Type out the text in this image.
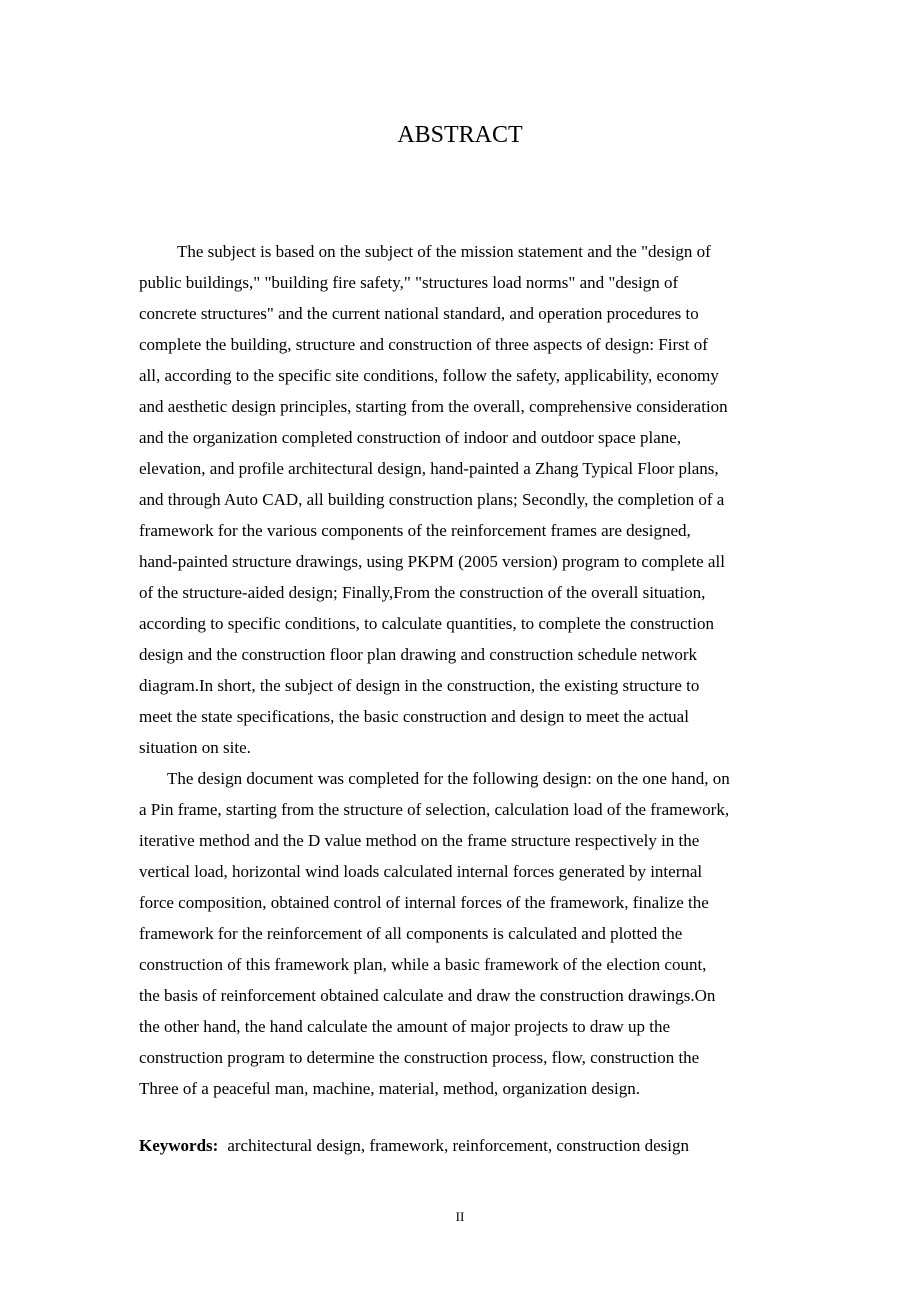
ABSTRACT
The subject is based on the subject of the mission statement and the "design of
public buildings," "building fire safety," "structures load norms" and "design of
concrete structures" and the current national standard, and operation procedures to
complete the building, structure and construction of three aspects of design: First of
all, according to the specific site conditions, follow the safety, applicability, economy
and aesthetic design principles, starting from the overall, comprehensive consideration
and the organization completed construction of indoor and outdoor space plane,
elevation, and profile architectural design, hand-painted a Zhang Typical Floor plans,
and through Auto CAD, all building construction plans; Secondly, the completion of a
framework for the various components of the reinforcement frames are designed,
hand-painted structure drawings, using PKPM (2005 version) program to complete all
of the structure-aided design; Finally,From the construction of the overall situation,
according to specific conditions, to calculate quantities, to complete the construction
design and the construction floor plan drawing and construction schedule network
diagram.In short, the subject of design in the construction, the existing structure to
meet the state specifications, the basic construction and design to meet the actual
situation on site.
The design document was completed for the following design: on the one hand, on
a Pin frame, starting from the structure of selection, calculation load of the framework,
iterative method and the D value method on the frame structure respectively in the
vertical load, horizontal wind loads calculated internal forces generated by internal
force composition, obtained control of internal forces of the framework, finalize the
framework for the reinforcement of all components is calculated and plotted the
construction of this framework plan, while a basic framework of the election count,
the basis of reinforcement obtained calculate and draw the construction drawings.On
the other hand, the hand calculate the amount of major projects to draw up the
construction program to determine the construction process, flow, construction the
Three of a peaceful man, machine, material, method, organization design.
Keywords: architectural design, framework, reinforcement, construction design
II
